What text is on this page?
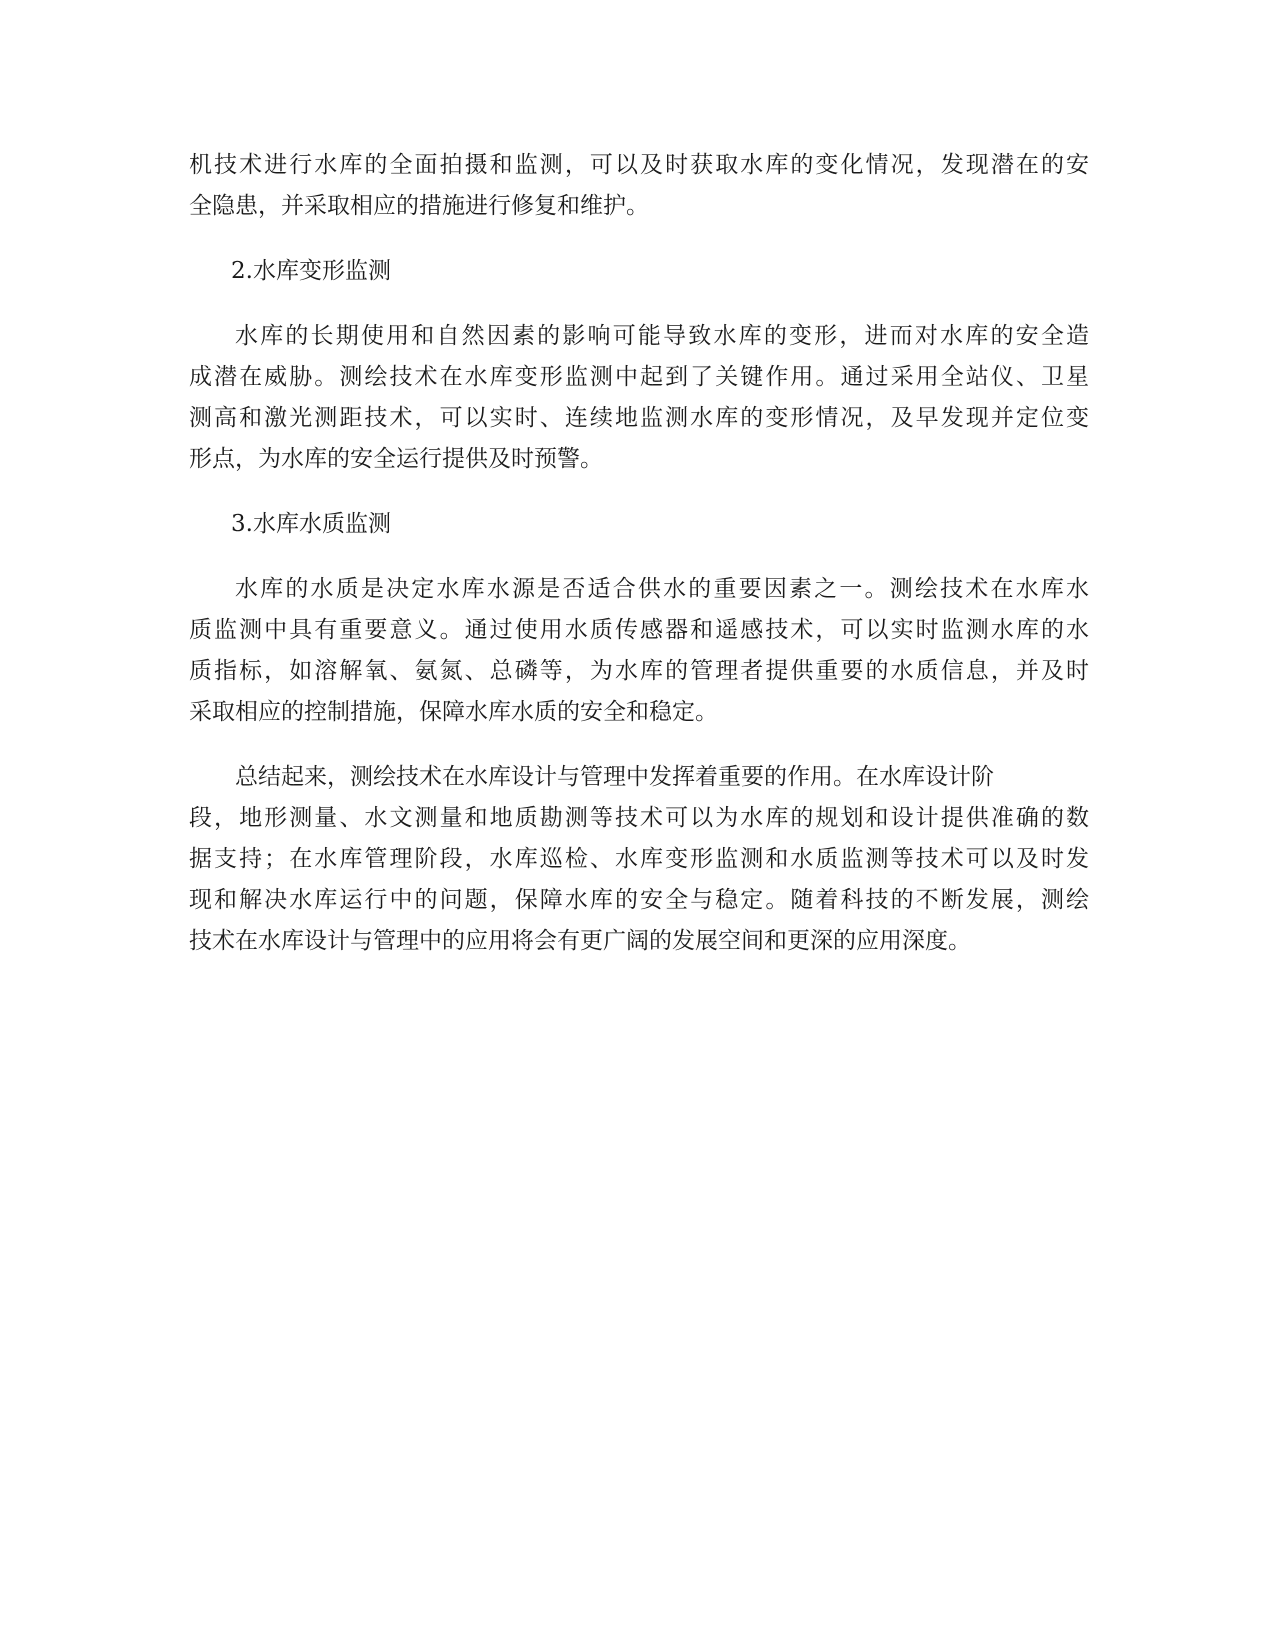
机技术进行水库的全面拍摄和监测，可以及时获取水库的变化情况，发现潜在的安
全隐患，并采取相应的措施进行修复和维护。
2.水库变形监测
水库的长期使用和自然因素的影响可能导致水库的变形，进而对水库的安全造
成潜在威胁。测绘技术在水库变形监测中起到了关键作用。通过采用全站仪、卫星
测高和激光测距技术，可以实时、连续地监测水库的变形情况，及早发现并定位变
形点，为水库的安全运行提供及时预警。
3.水库水质监测
水库的水质是决定水库水源是否适合供水的重要因素之一。测绘技术在水库水
质监测中具有重要意义。通过使用水质传感器和遥感技术，可以实时监测水库的水
质指标，如溶解氧、氨氮、总磷等，为水库的管理者提供重要的水质信息，并及时
采取相应的控制措施，保障水库水质的安全和稳定。
总结起来，测绘技术在水库设计与管理中发挥着重要的作用。在水库设计阶
段，地形测量、水文测量和地质勘测等技术可以为水库的规划和设计提供准确的数
据支持；在水库管理阶段，水库巡检、水库变形监测和水质监测等技术可以及时发
现和解决水库运行中的问题，保障水库的安全与稳定。随着科技的不断发展，测绘
技术在水库设计与管理中的应用将会有更广阔的发展空间和更深的应用深度。
